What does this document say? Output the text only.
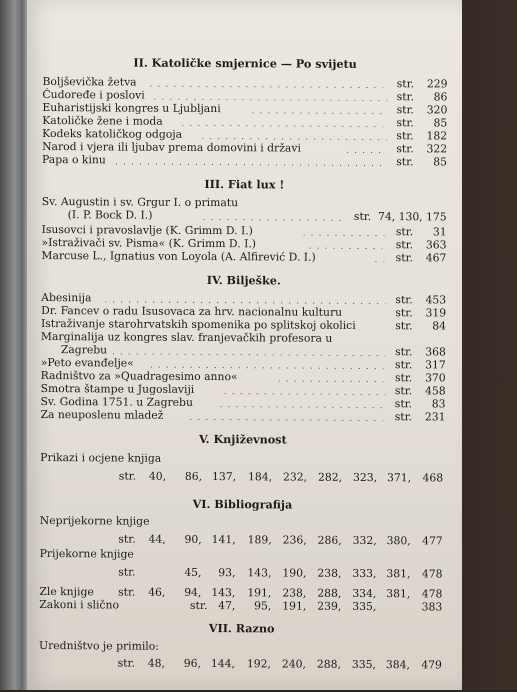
II. Katoličke smjernice — Po svijetu
Boljševička žetva	str. 229
Ćudoređe i poslovi	str. 86
Euharistijski kongres u Ljubljani	str. 320
Katoličke žene i moda	str. 85
Kodeks katoličkog odgoja	str. 182
Narod i vjera ili ljubav prema domovini i državi	str. 322
Papa o kinu	str. 85
III. Fiat lux !
Sv. Augustin i sv. Grgur I. o primatu
(I. P. Bock D. I.)	str. 74, 130, 175
Isusovci i pravoslavlje (K. Grimm D. I.)	str. 31
»Istraživači sv. Pisma« (K. Grimm D. I.)	str. 363
Marcuse L., Ignatius von Loyola (A. Alfirević D. I.)	str. 467
IV. Bilješke.
Abesinija	str. 453
Dr. Fancev o radu Isusovaca za hrv. nacionalnu kulturu	str. 319
Istraživanje starohrvatskih spomenika po splitskoj okolici	str. 84
Marginalija uz kongres slav. franjevačkih profesora u
Zagrebu	str. 368
»Peto evanđelje«	str. 317
Radništvo za »Quadragesimo anno«	str. 370
Smotra štampe u Jugoslaviji	str. 458
Sv. Godina 1751. u Zagrebu	str. 83
Za neuposlenu mladež	str. 231
V. Književnost
Prikazi i ocjene knjiga
str.	40,	86, 137, 184, 232, 282, 323, 371,	468
VI. Bibliografija
Neprijekorne knjige
str.	44,	90, 141, 189, 236, 286, 332, 380,	477
Prijekorne knjige
str.	45,	93, 143, 190, 238, 333, 381,	478
Zle knjige	str.	46,	94, 143, 191, 238, 288, 334, 381,	478
Zakoni i slično	str. 47,	95, 191, 239, 335,	383
VII. Razno
Uredništvo je primilo:
str.	48,	96, 144, 192, 240, 288, 335, 384,	479
